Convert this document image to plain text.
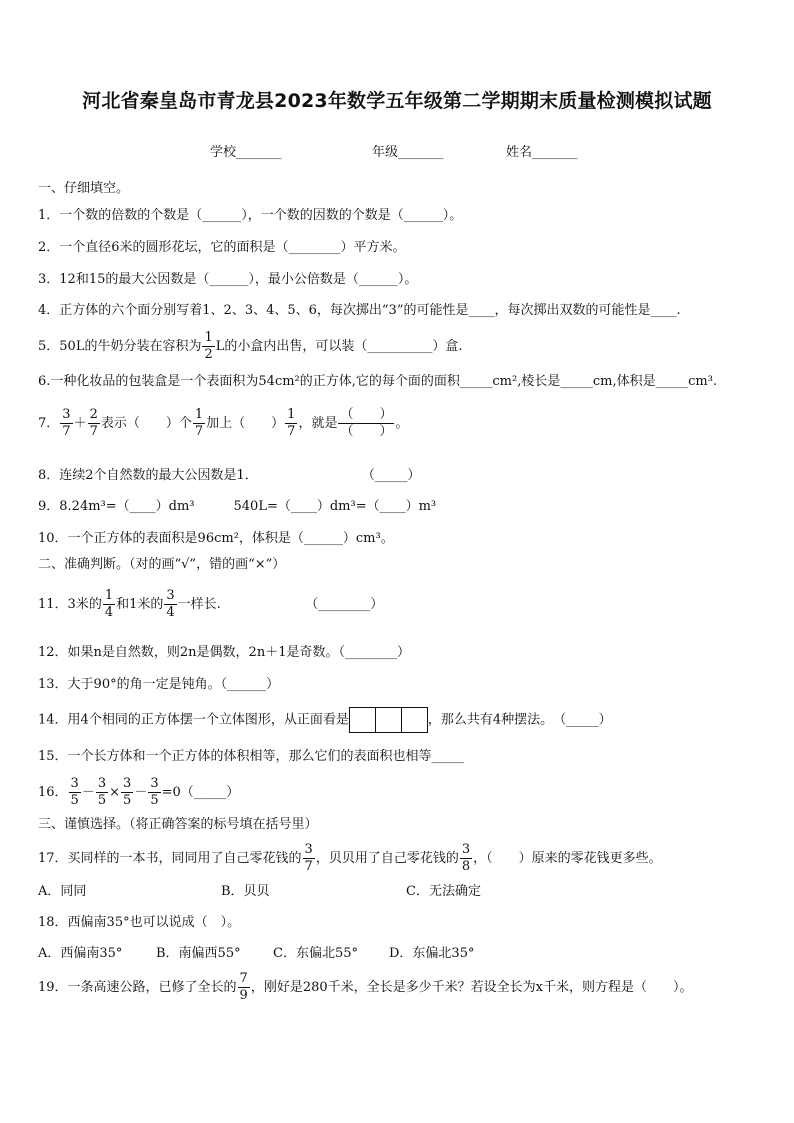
河北省秦皇岛市青龙县2023年数学五年级第二学期期末质量检测模拟试题
学校_______	年级_______	姓名_______
一、仔细填空。
1．一个数的倍数的个数是（______），一个数的因数的个数是（______）。
2．一个直径6米的圆形花坛，它的面积是（________）平方米。
3．12和15的最大公因数是（______），最小公倍数是（______）。
4．正方体的六个面分别写着1、2、3、4、5、6，每次掷出“3”的可能性是____，每次掷出双数的可能性是____.
5．50L的牛奶分装在容积为 $\frac{1}{2}$ L的小盒内出售，可以装（__________）盒.
6.一种化妆品的包装盒是一个表面积为54cm²的正方体,它的每个面的面积_____cm²,棱长是_____cm,体积是_____cm³.
7． $\frac{3}{7} + \frac{2}{7}$ 表示（　　）个 $\frac{1}{7}$ 加上（　　） $\frac{1}{7}$ ，就是 $\frac{( )}{( )}$ 。
8．连续2个自然数的最大公因数是1．　　　　　　　　　（_____）
9．8.24m³=（____）dm³　　　540L=（____）dm³=（____）m³
10．一个正方体的表面积是96cm²，体积是（______）cm³。
二、准确判断。（对的画“√”，错的画“×”）
11．3米的 $\frac{1}{4}$ 和1米的 $\frac{3}{4}$ 一样长.　　　　　　　（________）
12．如果n是自然数，则2n是偶数，2n＋1是奇数。（________）
13．大于90°的角一定是钝角。（______）
14．用4个相同的正方体摆一个立体图形，从正面看是	，那么共有4种摆法。　（_____）
15．一个长方体和一个正方体的体积相等，那么它们的表面积也相等_____
16． $\frac{3}{5} - \frac{3}{5} \times \frac{3}{5} - \frac{3}{5}$ =0（_____）
三、谨慎选择。（将正确答案的标号填在括号里）
17．买同样的一本书，同同用了自己零花钱的 $\frac{3}{7}$ ，贝贝用了自己零花钱的 $\frac{3}{8}$ ，（　　）原来的零花钱更多些。
A．同同	B．贝贝	C．无法确定
18．西偏南35°也可以说成（　）。
A．西偏南35°	B．南偏西55° C．东偏北55° D．东偏北35°
19．一条高速公路，已修了全长的 $\frac{7}{9}$ ，刚好是280千米，全长是多少千米？若设全长为x千米，则方程是（　　）。
